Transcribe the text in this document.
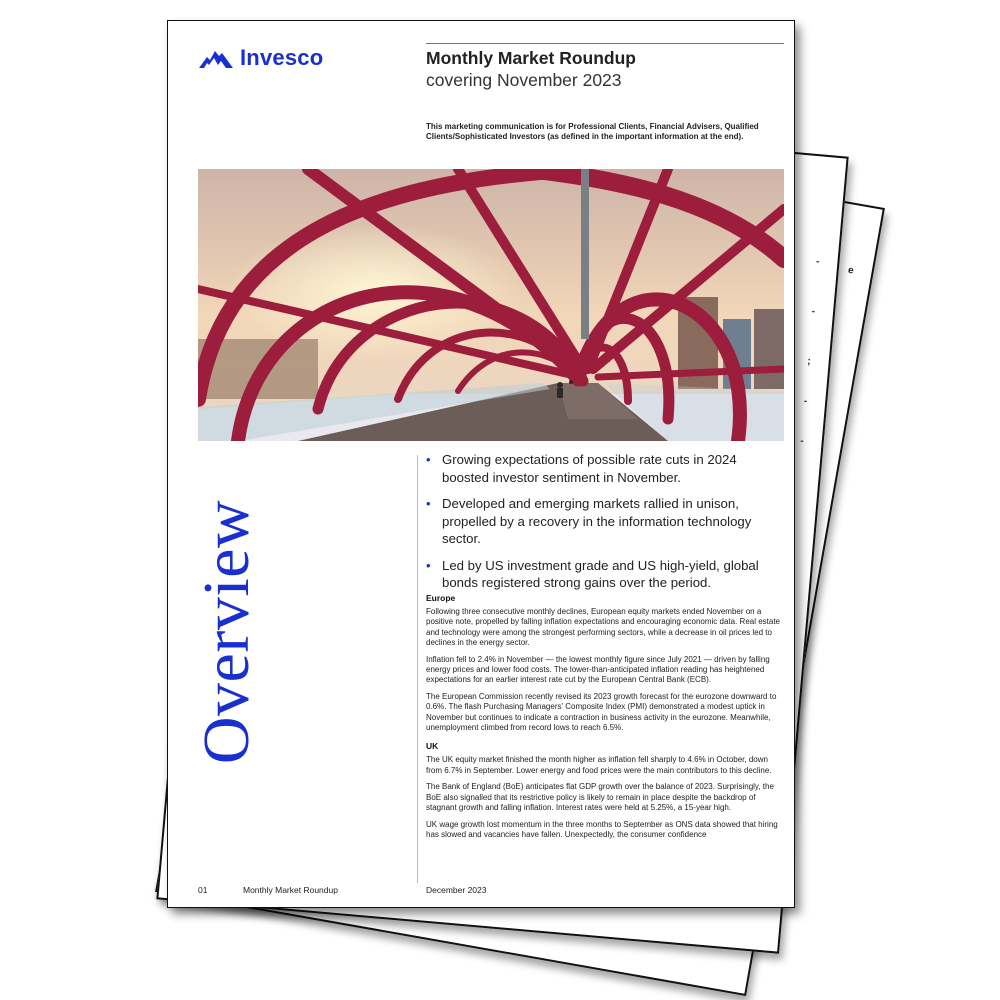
e
-
-
;
-
-
Invesco	Monthly Market Roundup
covering November 2023
This marketing communication is for Professional Clients, Financial Advisers, Qualified Clients/Sophisticated Investors (as defined in the important information at the end).
Overview
• Growing expectations of possible rate cuts in 2024 boosted investor sentiment in November.
• Developed and emerging markets rallied in unison, propelled by a recovery in the information technology sector.
• Led by US investment grade and US high-yield, global bonds registered strong gains over the period.
Europe

Following three consecutive monthly declines, European equity markets ended November on a positive note, propelled by falling inflation expectations and encouraging economic data. Real estate and technology were among the strongest performing sectors, while a decrease in oil prices led to declines in the energy sector.

Inflation fell to 2.4% in November — the lowest monthly figure since July 2021 — driven by falling energy prices and lower food costs. The lower-than-anticipated inflation reading has heightened expectations for an earlier interest rate cut by the European Central Bank (ECB).

The European Commission recently revised its 2023 growth forecast for the eurozone downward to 0.6%. The flash Purchasing Managers' Composite Index (PMI) demonstrated a modest uptick in November but continues to indicate a contraction in business activity in the eurozone. Meanwhile, unemployment climbed from record lows to reach 6.5%.

UK

The UK equity market finished the month higher as inflation fell sharply to 4.6% in October, down from 6.7% in September. Lower energy and food prices were the main contributors to this decline.

The Bank of England (BoE) anticipates flat GDP growth over the balance of 2023. Surprisingly, the BoE also signalled that its restrictive policy is likely to remain in place despite the backdrop of stagnant growth and falling inflation. Interest rates were held at 5.25%, a 15-year high.

UK wage growth lost momentum in the three months to September as ONS data showed that hiring has slowed and vacancies have fallen. Unexpectedly, the consumer confidence

01	Monthly Market Roundup	December 2023
